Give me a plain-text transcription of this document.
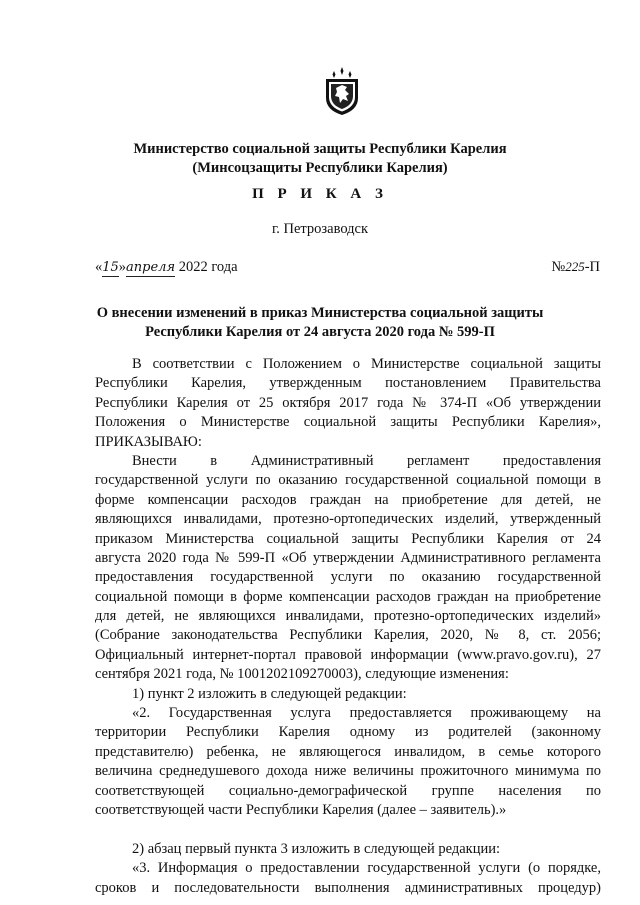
Министерство социальной защиты Республики Карелия
(Минсоцзащиты Республики Карелия)
П Р И К А З
г. Петрозаводск
«15»апреля 2022 года	№225-П
О внесении изменений в приказ Министерства социальной защиты
Республики Карелия от 24 августа 2020 года № 599-П
В соответствии с Положением о Министерстве социальной защиты
Республики Карелия, утвержденным постановлением Правительства
Республики Карелия от 25 октября 2017 года № 374-П «Об утверждении
Положения о Министерстве социальной защиты Республики Карелия»,
ПРИКАЗЫВАЮ:
Внести в Административный регламент предоставления
государственной услуги по оказанию государственной социальной помощи в
форме компенсации расходов граждан на приобретение для детей, не
являющихся инвалидами, протезно-ортопедических изделий, утвержденный
приказом Министерства социальной защиты Республики Карелия от 24
августа 2020 года № 599-П «Об утверждении Административного регламента
предоставления государственной услуги по оказанию государственной
социальной помощи в форме компенсации расходов граждан на приобретение
для детей, не являющихся инвалидами, протезно-ортопедических изделий»
(Собрание законодательства Республики Карелия, 2020, № 8, ст. 2056;
Официальный интернет-портал правовой информации (www.pravo.gov.ru), 27
сентября 2021 года, № 1001202109270003), следующие изменения:
1) пункт 2 изложить в следующей редакции:
«2. Государственная услуга предоставляется проживающему на
территории Республики Карелия одному из родителей (законному
представителю) ребенка, не являющегося инвалидом, в семье которого
величина среднедушевого дохода ниже величины прожиточного минимума по
соответствующей социально-демографической группе населения по
соответствующей части Республики Карелия (далее – заявитель).»
2) абзац первый пункта 3 изложить в следующей редакции:
«3. Информация о предоставлении государственной услуги (о порядке,
сроков и последовательности выполнения административных процедур)
